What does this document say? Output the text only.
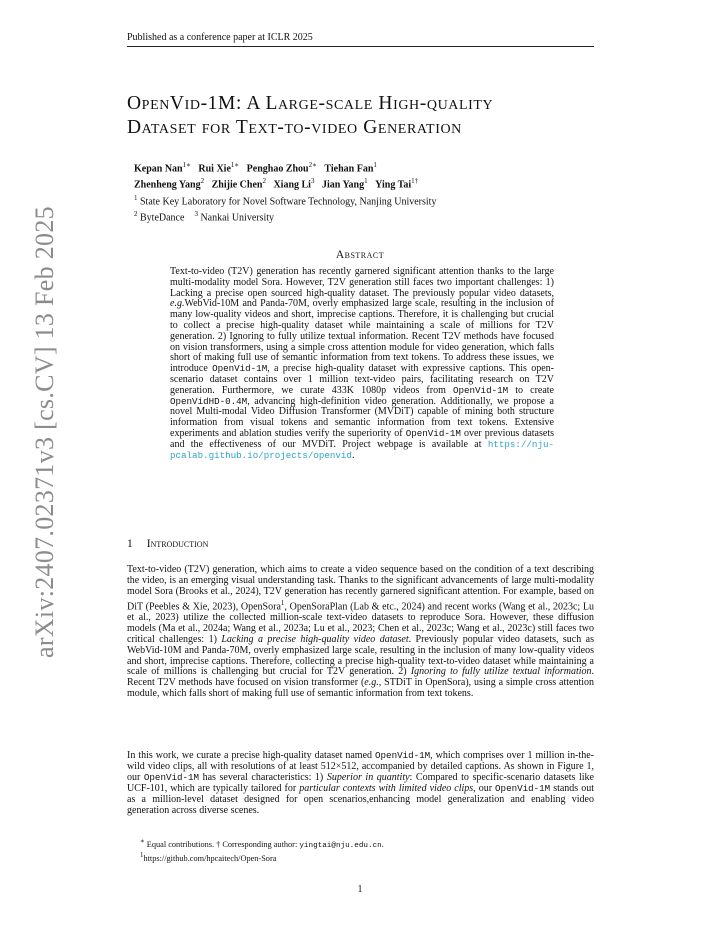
Published as a conference paper at ICLR 2025
OpenVid-1M: A Large-scale High-quality
Dataset for Text-to-video Generation
Kepan Nan$^{1∗}$ Rui Xie$^{1∗}$ Penghao Zhou$^{2∗}$ Tiehan Fan$^1$
Zhenheng Yang$^2$ Zhijie Chen$^2$ Xiang Li$^3$ Jian Yang$^1$ Ying Tai$^{1\dagger}$
$^1$ State Key Laboratory for Novel Software Technology, Nanjing University
$^2$ ByteDance $^3$ Nankai University
Abstract
Text-to-video (T2V) generation has recently garnered significant attention thanks to the large multi-modality model Sora. However, T2V generation still faces two important challenges: 1) Lacking a precise open sourced high-quality dataset. The previously popular video datasets, e.g.WebVid-10M and Panda-70M, overly emphasized large scale, resulting in the inclusion of many low-quality videos and short, imprecise captions. Therefore, it is challenging but crucial to collect a precise high-quality dataset while maintaining a scale of millions for T2V generation. 2) Ignoring to fully utilize textual information. Recent T2V methods have focused on vision transformers, using a simple cross attention module for video generation, which falls short of making full use of semantic information from text tokens. To address these issues, we introduce OpenVid-1M, a precise high-quality dataset with expressive captions. This open-scenario dataset contains over 1 million text-video pairs, facilitating research on T2V generation. Furthermore, we curate 433K 1080p videos from OpenVid-1M to create OpenVidHD-0.4M, advancing high-definition video generation. Additionally, we propose a novel Multi-modal Video Diffusion Transformer (MVDiT) capable of mining both structure information from visual tokens and semantic information from text tokens. Extensive experiments and ablation studies verify the superiority of OpenVid-1M over previous datasets and the effectiveness of our MVDiT. Project webpage is available at https://nju-pcalab.github.io/projects/openvid.
1 Introduction
Text-to-video (T2V) generation, which aims to create a video sequence based on the condition of a text describing the video, is an emerging visual understanding task. Thanks to the significant advancements of large multi-modality model Sora (Brooks et al., 2024), T2V generation has recently garnered significant attention. For example, based on DiT (Peebles & Xie, 2023), OpenSora$^1$, OpenSoraPlan (Lab & etc., 2024) and recent works (Wang et al., 2023c; Lu et al., 2023) utilize the collected million-scale text-video datasets to reproduce Sora. However, these diffusion models (Ma et al., 2024a; Wang et al., 2023a; Lu et al., 2023; Chen et al., 2023c; Wang et al., 2023c) still faces two critical challenges: 1) Lacking a precise high-quality video dataset. Previously popular video datasets, such as WebVid-10M and Panda-70M, overly emphasized large scale, resulting in the inclusion of many low-quality videos and short, imprecise captions. Therefore, collecting a precise high-quality text-to-video dataset while maintaining a scale of millions is challenging but crucial for T2V generation. 2) Ignoring to fully utilize textual information. Recent T2V methods have focused on vision transformer (e.g., STDiT in OpenSora), using a simple cross attention module, which falls short of making full use of semantic information from text tokens.
In this work, we curate a precise high-quality dataset named OpenVid-1M, which comprises over 1 million in-the-wild video clips, all with resolutions of at least 512×512, accompanied by detailed captions. As shown in Figure 1, our OpenVid-1M has several characteristics: 1) Superior in quantity: Compared to specific-scenario datasets like UCF-101, which are typically tailored for particular contexts with limited video clips, our OpenVid-1M stands out as a million-level dataset designed for open scenarios,enhancing model generalization and enabling video generation across diverse scenes.
∗ Equal contributions. † Corresponding author: yingtai@nju.edu.cn.
$^1$https://github.com/hpcaitech/Open-Sora
1
arXiv:2407.02371v3 [cs.CV] 13 Feb 2025
